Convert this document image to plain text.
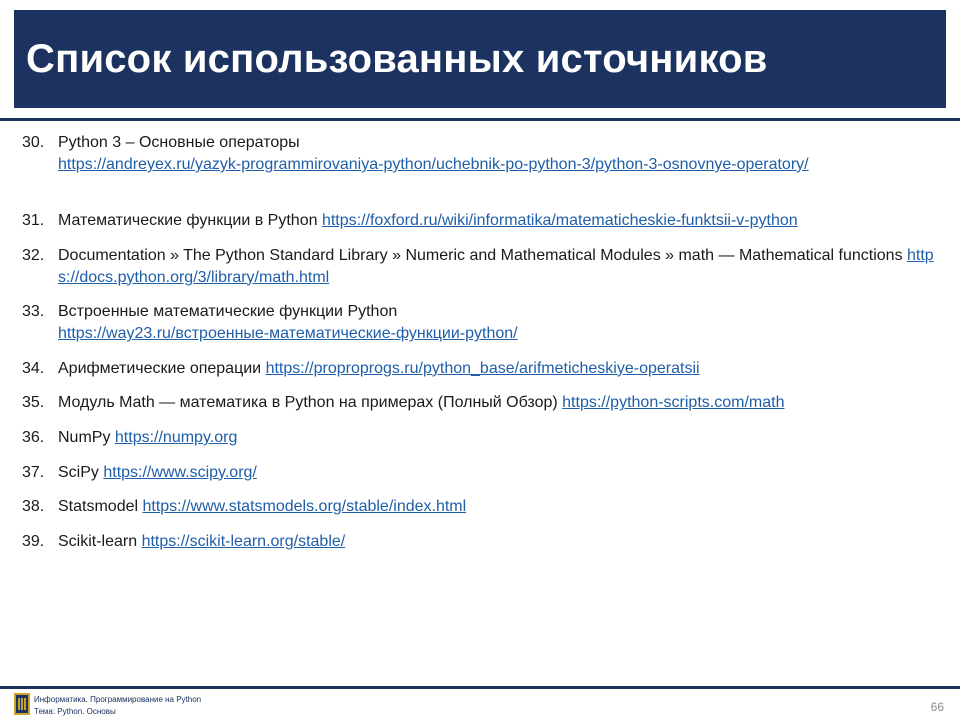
Список использованных источников
30. Python 3 – Основные операторы
https://andreyex.ru/yazyk-programmirovaniya-python/uchebnik-po-python-3/python-3-osnovnye-operatory/
31. Математические функции в Python https://foxford.ru/wiki/informatika/matematicheskie-funktsii-v-python
32. Documentation » The Python Standard Library » Numeric and Mathematical Modules » math — Mathematical functions https://docs.python.org/3/library/math.html
33. Встроенные математические функции Python
https://way23.ru/встроенные-математические-функции-python/
34. Арифметические операции https://proproprogs.ru/python_base/arifmeticheskiye-operatsii
35. Модуль Math — математика в Python на примерах (Полный Обзор) https://python-scripts.com/math
36. NumPy https://numpy.org
37. SciPy https://www.scipy.org/
38. Statsmodel https://www.statsmodels.org/stable/index.html
39. Scikit-learn https://scikit-learn.org/stable/
Информатика. Программирование на Python
Тема: Python. Основы	66
